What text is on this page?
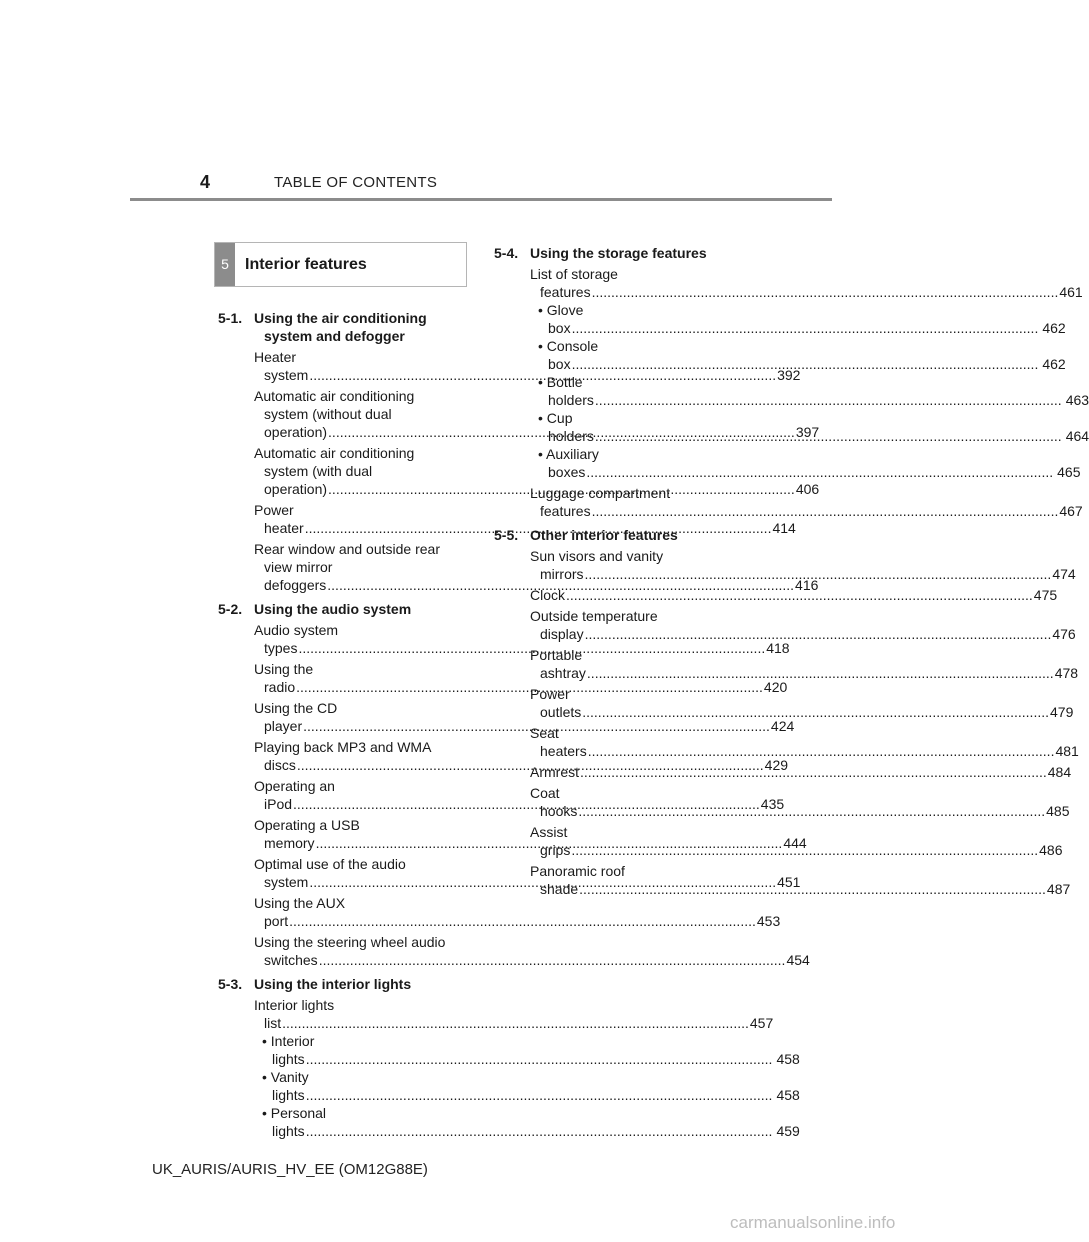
4	TABLE OF CONTENTS
5	Interior features
5-1. Using the air conditioning system and defogger
Heater system .....	392
Automatic air conditioning system (without dual operation) .....	397
Automatic air conditioning system (with dual operation) .....	406
Power heater .....	414
Rear window and outside rear view mirror defoggers .....	416
5-2. Using the audio system
Audio system types .....	418
Using the radio .....	420
Using the CD player .....	424
Playing back MP3 and WMA discs .....	429
Operating an iPod .....	435
Operating a USB memory .....	444
Optimal use of the audio system .....	451
Using the AUX port .....	453
Using the steering wheel audio switches .....	454
5-3. Using the interior lights
Interior lights list .....	457
• Interior lights .....	458
• Vanity lights .....	458
• Personal lights .....	459
5-4. Using the storage features
List of storage features .....	461
• Glove box .....	462
• Console box .....	462
• Bottle holders .....	463
• Cup holders .....	464
• Auxiliary boxes .....	465
Luggage compartment features .....	467
5-5. Other interior features
Sun visors and vanity mirrors .....	474
Clock .....	475
Outside temperature display .....	476
Portable ashtray .....	478
Power outlets .....	479
Seat heaters .....	481
Armrest .....	484
Coat hooks .....	485
Assist grips .....	486
Panoramic roof shade .....	487
UK_AURIS/AURIS_HV_EE (OM12G88E)
carmanualsonline.info
